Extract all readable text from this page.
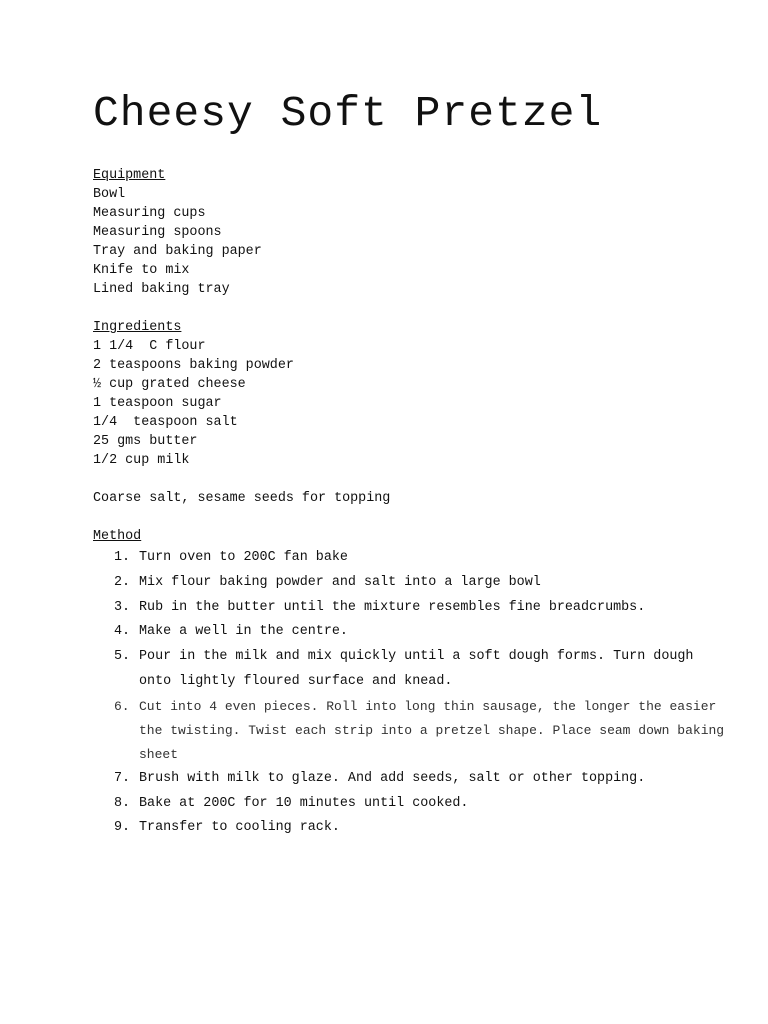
Cheesy Soft Pretzel
Equipment
Bowl
Measuring cups
Measuring spoons
Tray and baking paper
Knife to mix
Lined baking tray
Ingredients
1 1/4  C flour
2 teaspoons baking powder
½ cup grated cheese
1 teaspoon sugar
1/4  teaspoon salt
25 gms butter
1/2 cup milk
Coarse salt, sesame seeds for topping
Method
1. Turn oven to 200C fan bake
2. Mix flour baking powder and salt into a large bowl
3. Rub in the butter until the mixture resembles fine breadcrumbs.
4. Make a well in the centre.
5. Pour in the milk and mix quickly until a soft dough forms. Turn dough onto lightly floured surface and knead.
6. Cut into 4 even pieces. Roll into long thin sausage, the longer the easier the twisting. Twist each strip into a pretzel shape. Place seam down baking sheet
7. Brush with milk to glaze. And add seeds, salt or other topping.
8. Bake at 200C for 10 minutes until cooked.
9. Transfer to cooling rack.
